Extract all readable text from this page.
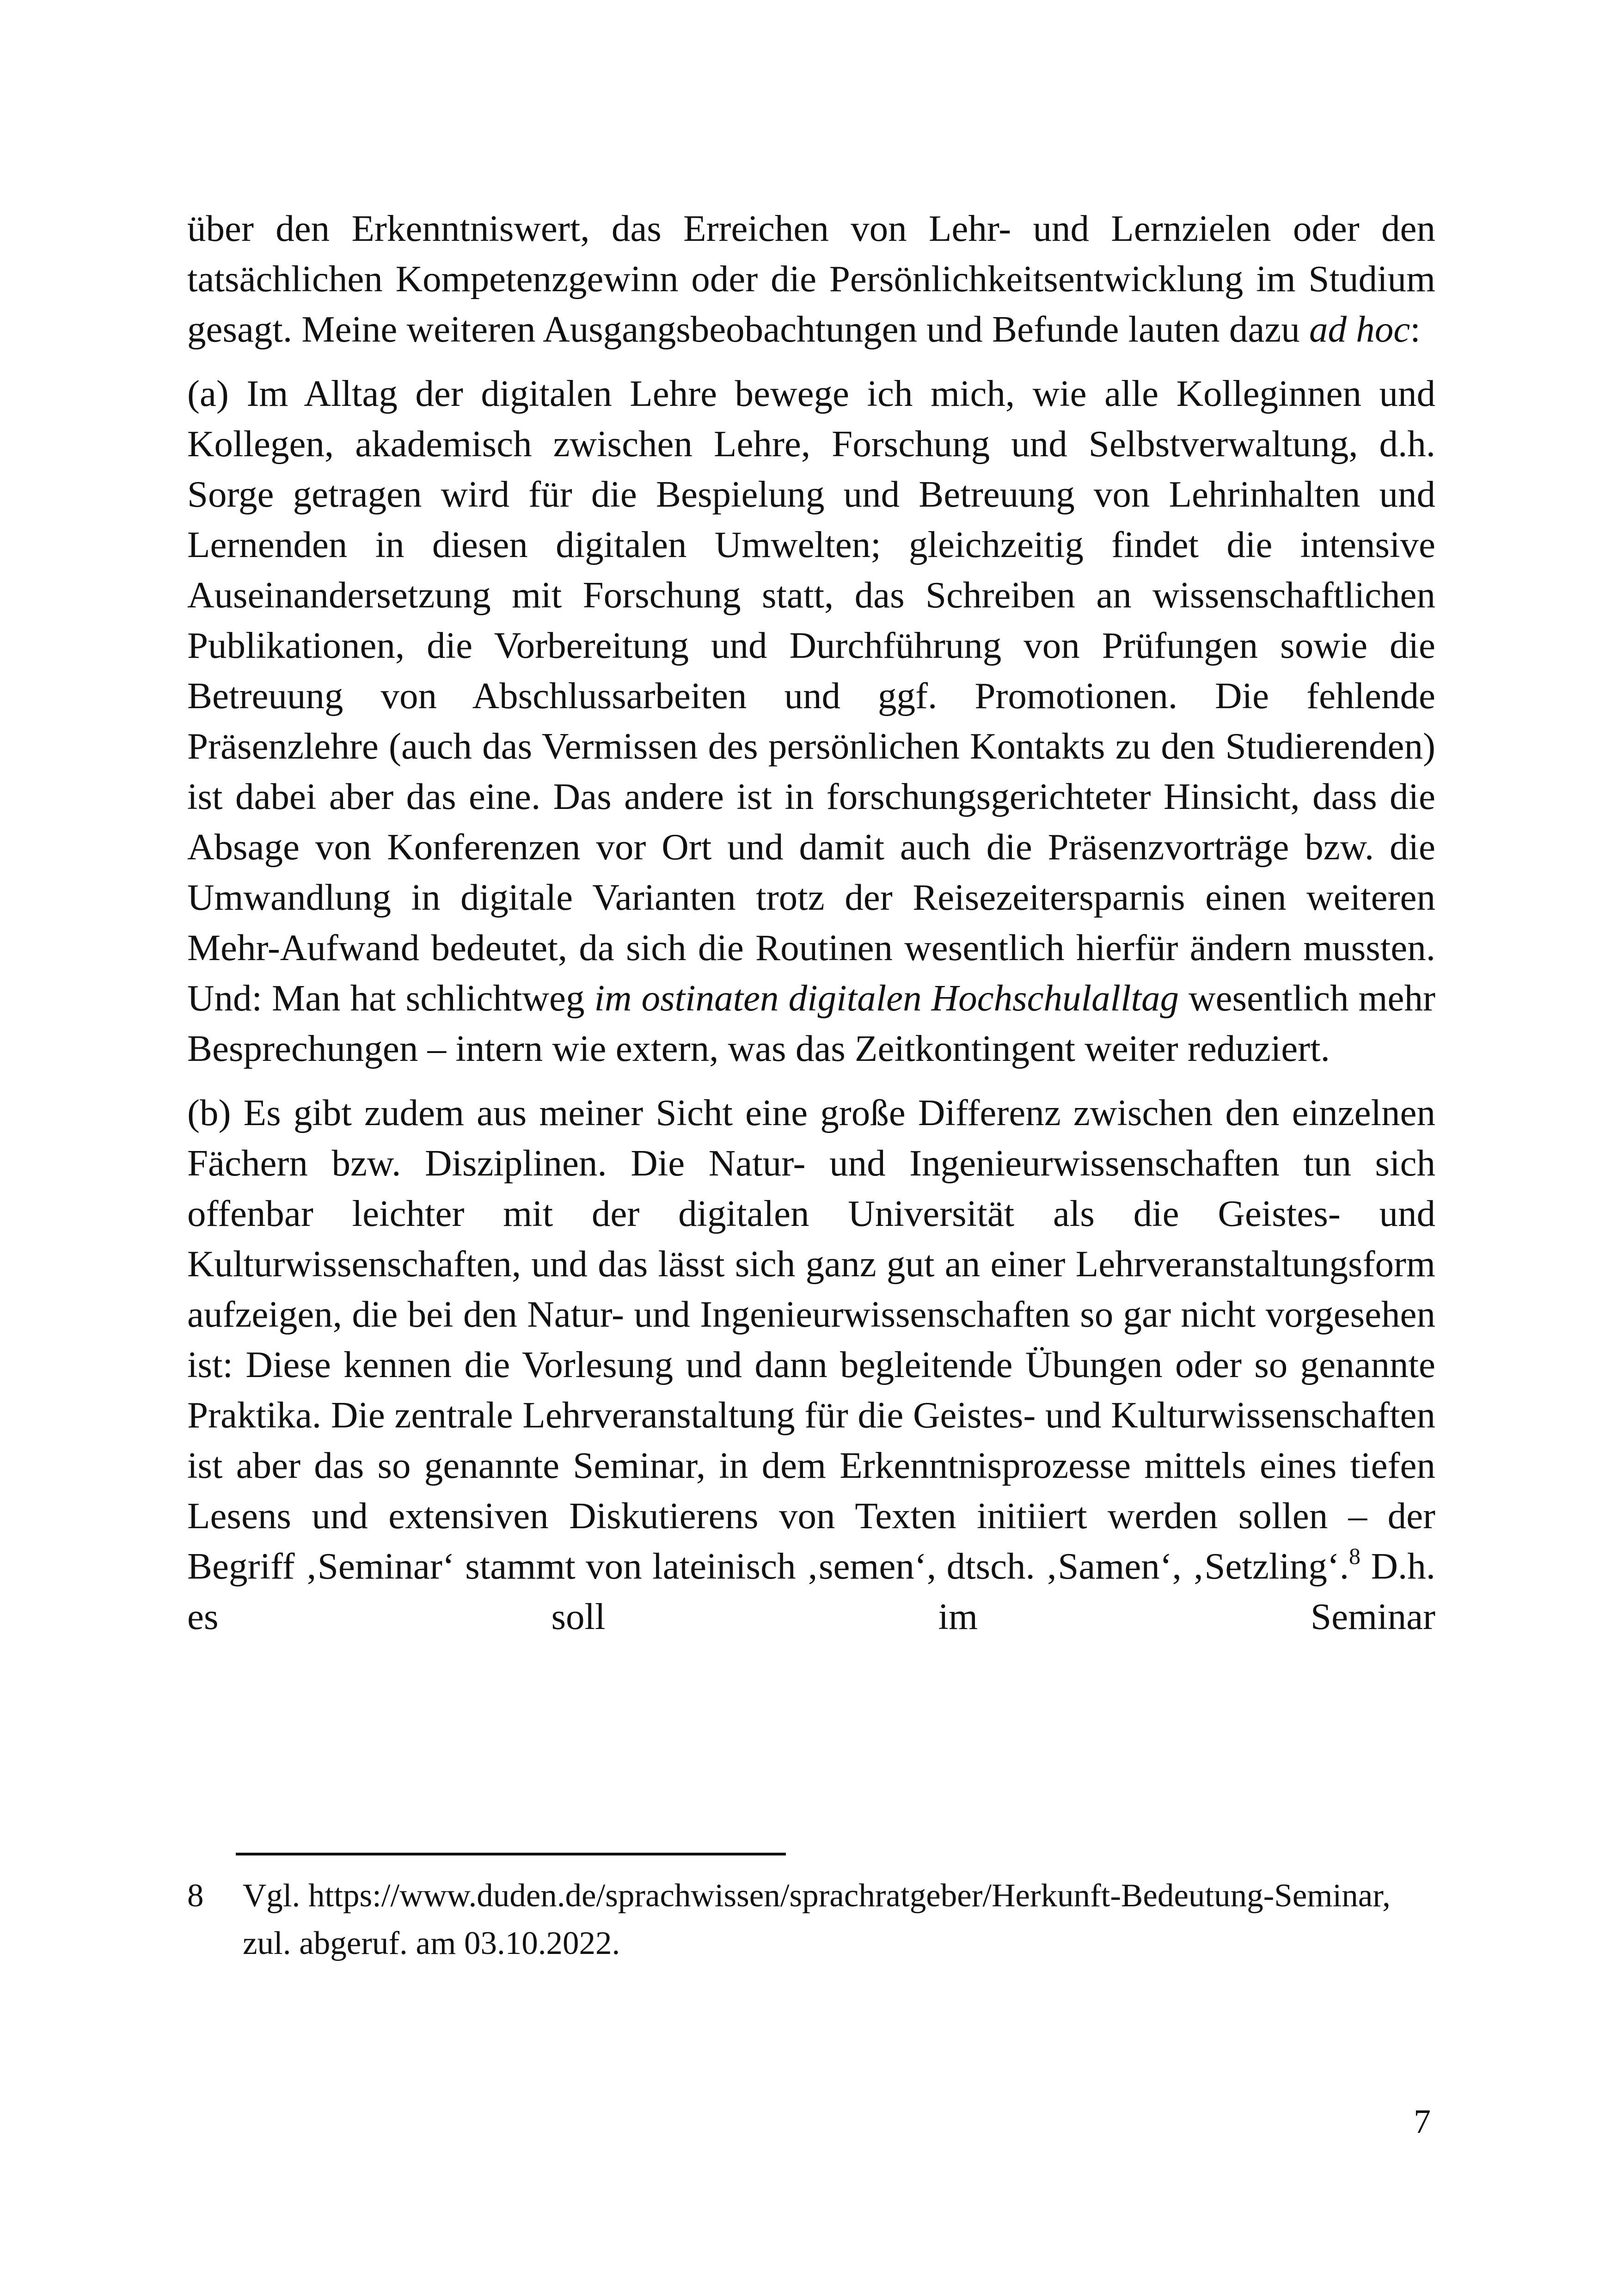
über den Erkenntniswert, das Erreichen von Lehr- und Lernzielen oder den tatsächlichen Kompetenzgewinn oder die Persönlichkeitsentwicklung im Studium gesagt. Meine weiteren Ausgangsbeobachtungen und Befunde lauten dazu ad hoc:

(a) Im Alltag der digitalen Lehre bewege ich mich, wie alle Kolleginnen und Kollegen, akademisch zwischen Lehre, Forschung und Selbstverwaltung, d.h. Sorge getragen wird für die Bespielung und Betreuung von Lehrinhalten und Lernenden in diesen digitalen Umwelten; gleichzeitig findet die intensive Auseinandersetzung mit Forschung statt, das Schreiben an wissenschaftlichen Publikationen, die Vorbereitung und Durchführung von Prüfungen sowie die Betreuung von Abschlussarbeiten und ggf. Promotionen. Die fehlende Präsenzlehre (auch das Vermissen des persönlichen Kontakts zu den Studierenden) ist dabei aber das eine. Das andere ist in forschungsgerichteter Hinsicht, dass die Absage von Konferenzen vor Ort und damit auch die Präsenzvorträge bzw. die Umwandlung in digitale Varianten trotz der Reisezeitersparnis einen weiteren Mehr-Aufwand bedeutet, da sich die Routinen wesentlich hierfür ändern mussten. Und: Man hat schlichtweg im ostinaten digitalen Hochschulalltag wesentlich mehr Besprechungen – intern wie extern, was das Zeitkontingent weiter reduziert.

(b) Es gibt zudem aus meiner Sicht eine große Differenz zwischen den einzelnen Fächern bzw. Disziplinen. Die Natur- und Ingenieurwissenschaften tun sich offenbar leichter mit der digitalen Universität als die Geistes- und Kulturwissenschaften, und das lässt sich ganz gut an einer Lehrveranstaltungsform aufzeigen, die bei den Natur- und Ingenieurwissenschaften so gar nicht vorgesehen ist: Diese kennen die Vorlesung und dann begleitende Übungen oder so genannte Praktika. Die zentrale Lehrveranstaltung für die Geistes- und Kulturwissenschaften ist aber das so genannte Seminar, in dem Erkenntnisprozesse mittels eines tiefen Lesens und extensiven Diskutierens von Texten initiiert werden sollen – der Begriff ‚Seminar‘ stammt von lateinisch ‚semen‘, dtsch. ‚Samen‘, ‚Setzling‘.$^8$ D.h. es soll im Seminar

8	Vgl. https://www.duden.de/sprachwissen/sprachratgeber/Herkunft-Bedeutung-Seminar, zul. abgeruf. am 03.10.2022.
7
